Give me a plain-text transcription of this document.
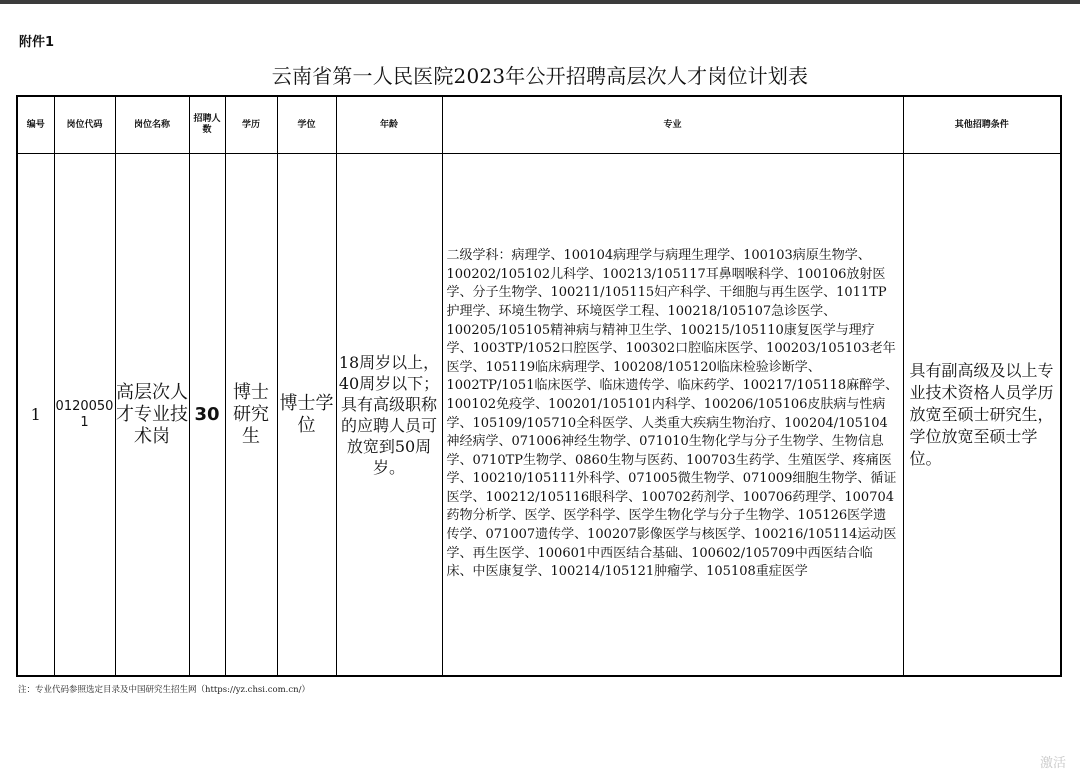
附件1
云南省第一人民医院2023年公开招聘高层次人才岗位计划表
编号	岗位代码	岗位名称	招聘人数	学历	学位	年龄	专业	其他招聘条件
1	01200501	高层次人才专业技术岗	30	博士研究生	博士学位	18周岁以上，40周岁以下；具有高级职称的应聘人员可放宽到50周岁。	二级学科：病理学、100104病理学与病理生理学、100103病原生物学、100202/105102儿科学、100213/105117耳鼻咽喉科学、100106放射医学、分子生物学、100211/105115妇产科学、干细胞与再生医学、1011TP护理学、环境生物学、环境医学工程、100218/105107急诊医学、100205/105105精神病与精神卫生学、100215/105110康复医学与理疗学、1003TP/1052口腔医学、100302口腔临床医学、100203/105103老年医学、105119临床病理学、100208/105120临床检验诊断学、1002TP/1051临床医学、临床遗传学、临床药学、100217/105118麻醉学、100102免疫学、100201/105101内科学、100206/105106皮肤病与性病学、105109/105710全科医学、人类重大疾病生物治疗、100204/105104神经病学、071006神经生物学、071010生物化学与分子生物学、生物信息学、0710TP生物学、0860生物与医药、100703生药学、生殖医学、疼痛医学、100210/105111外科学、071005微生物学、071009细胞生物学、循证医学、100212/105116眼科学、100702药剂学、100706药理学、100704药物分析学、医学、医学科学、医学生物化学与分子生物学、105126医学遗传学、071007遗传学、100207影像医学与核医学、100216/105114运动医学、再生医学、100601中西医结合基础、100602/105709中西医结合临床、中医康复学、100214/105121肿瘤学、105108重症医学	具有副高级及以上专业技术资格人员学历放宽至硕士研究生，学位放宽至硕士学位。
注：专业代码参照选定目录及中国研究生招生网（https://yz.chsi.com.cn/）
激活
